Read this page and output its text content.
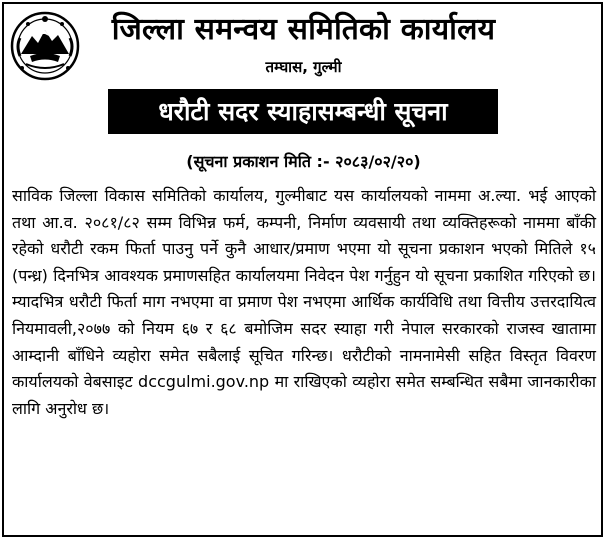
जिल्ला समन्वय समितिको कार्यालय
तम्घास, गुल्मी
धरौटी सदर स्याहासम्बन्धी सूचना
(सूचना प्रकाशन मिति :- २०८३/०२/२०)

साविक जिल्ला विकास समितिको कार्यालय, गुल्मीबाट यस कार्यालयको नाममा अ.ल्या. भई आएको तथा आ.व. २०८१/८२ सम्म विभिन्न फर्म, कम्पनी, निर्माण व्यवसायी तथा व्यक्तिहरूको नाममा बाँकी रहेको धरौटी रकम फिर्ता पाउनु पर्ने कुनै आधार/प्रमाण भएमा यो सूचना प्रकाशन भएको मितिले १५ (पन्ध्र) दिनभित्र आवश्यक प्रमाणसहित कार्यालयमा निवेदन पेश गर्नुहुन यो सूचना प्रकाशित गरिएको छ। म्यादभित्र धरौटी फिर्ता माग नभएमा वा प्रमाण पेश नभएमा आर्थिक कार्यविधि तथा वित्तीय उत्तरदायित्व नियमावली,२०७७ को नियम ६७ र ६८ बमोजिम सदर स्याहा गरी नेपाल सरकारको राजस्व खातामा आम्दानी बाँधिने व्यहोरा समेत सबैलाई सूचित गरिन्छ। धरौटीको नामनामेसी सहित विस्तृत विवरण कार्यालयको वेबसाइट dccgulmi.gov.np मा राखिएको व्यहोरा समेत सम्बन्धित सबैमा जानकारीका लागि अनुरोध छ।
